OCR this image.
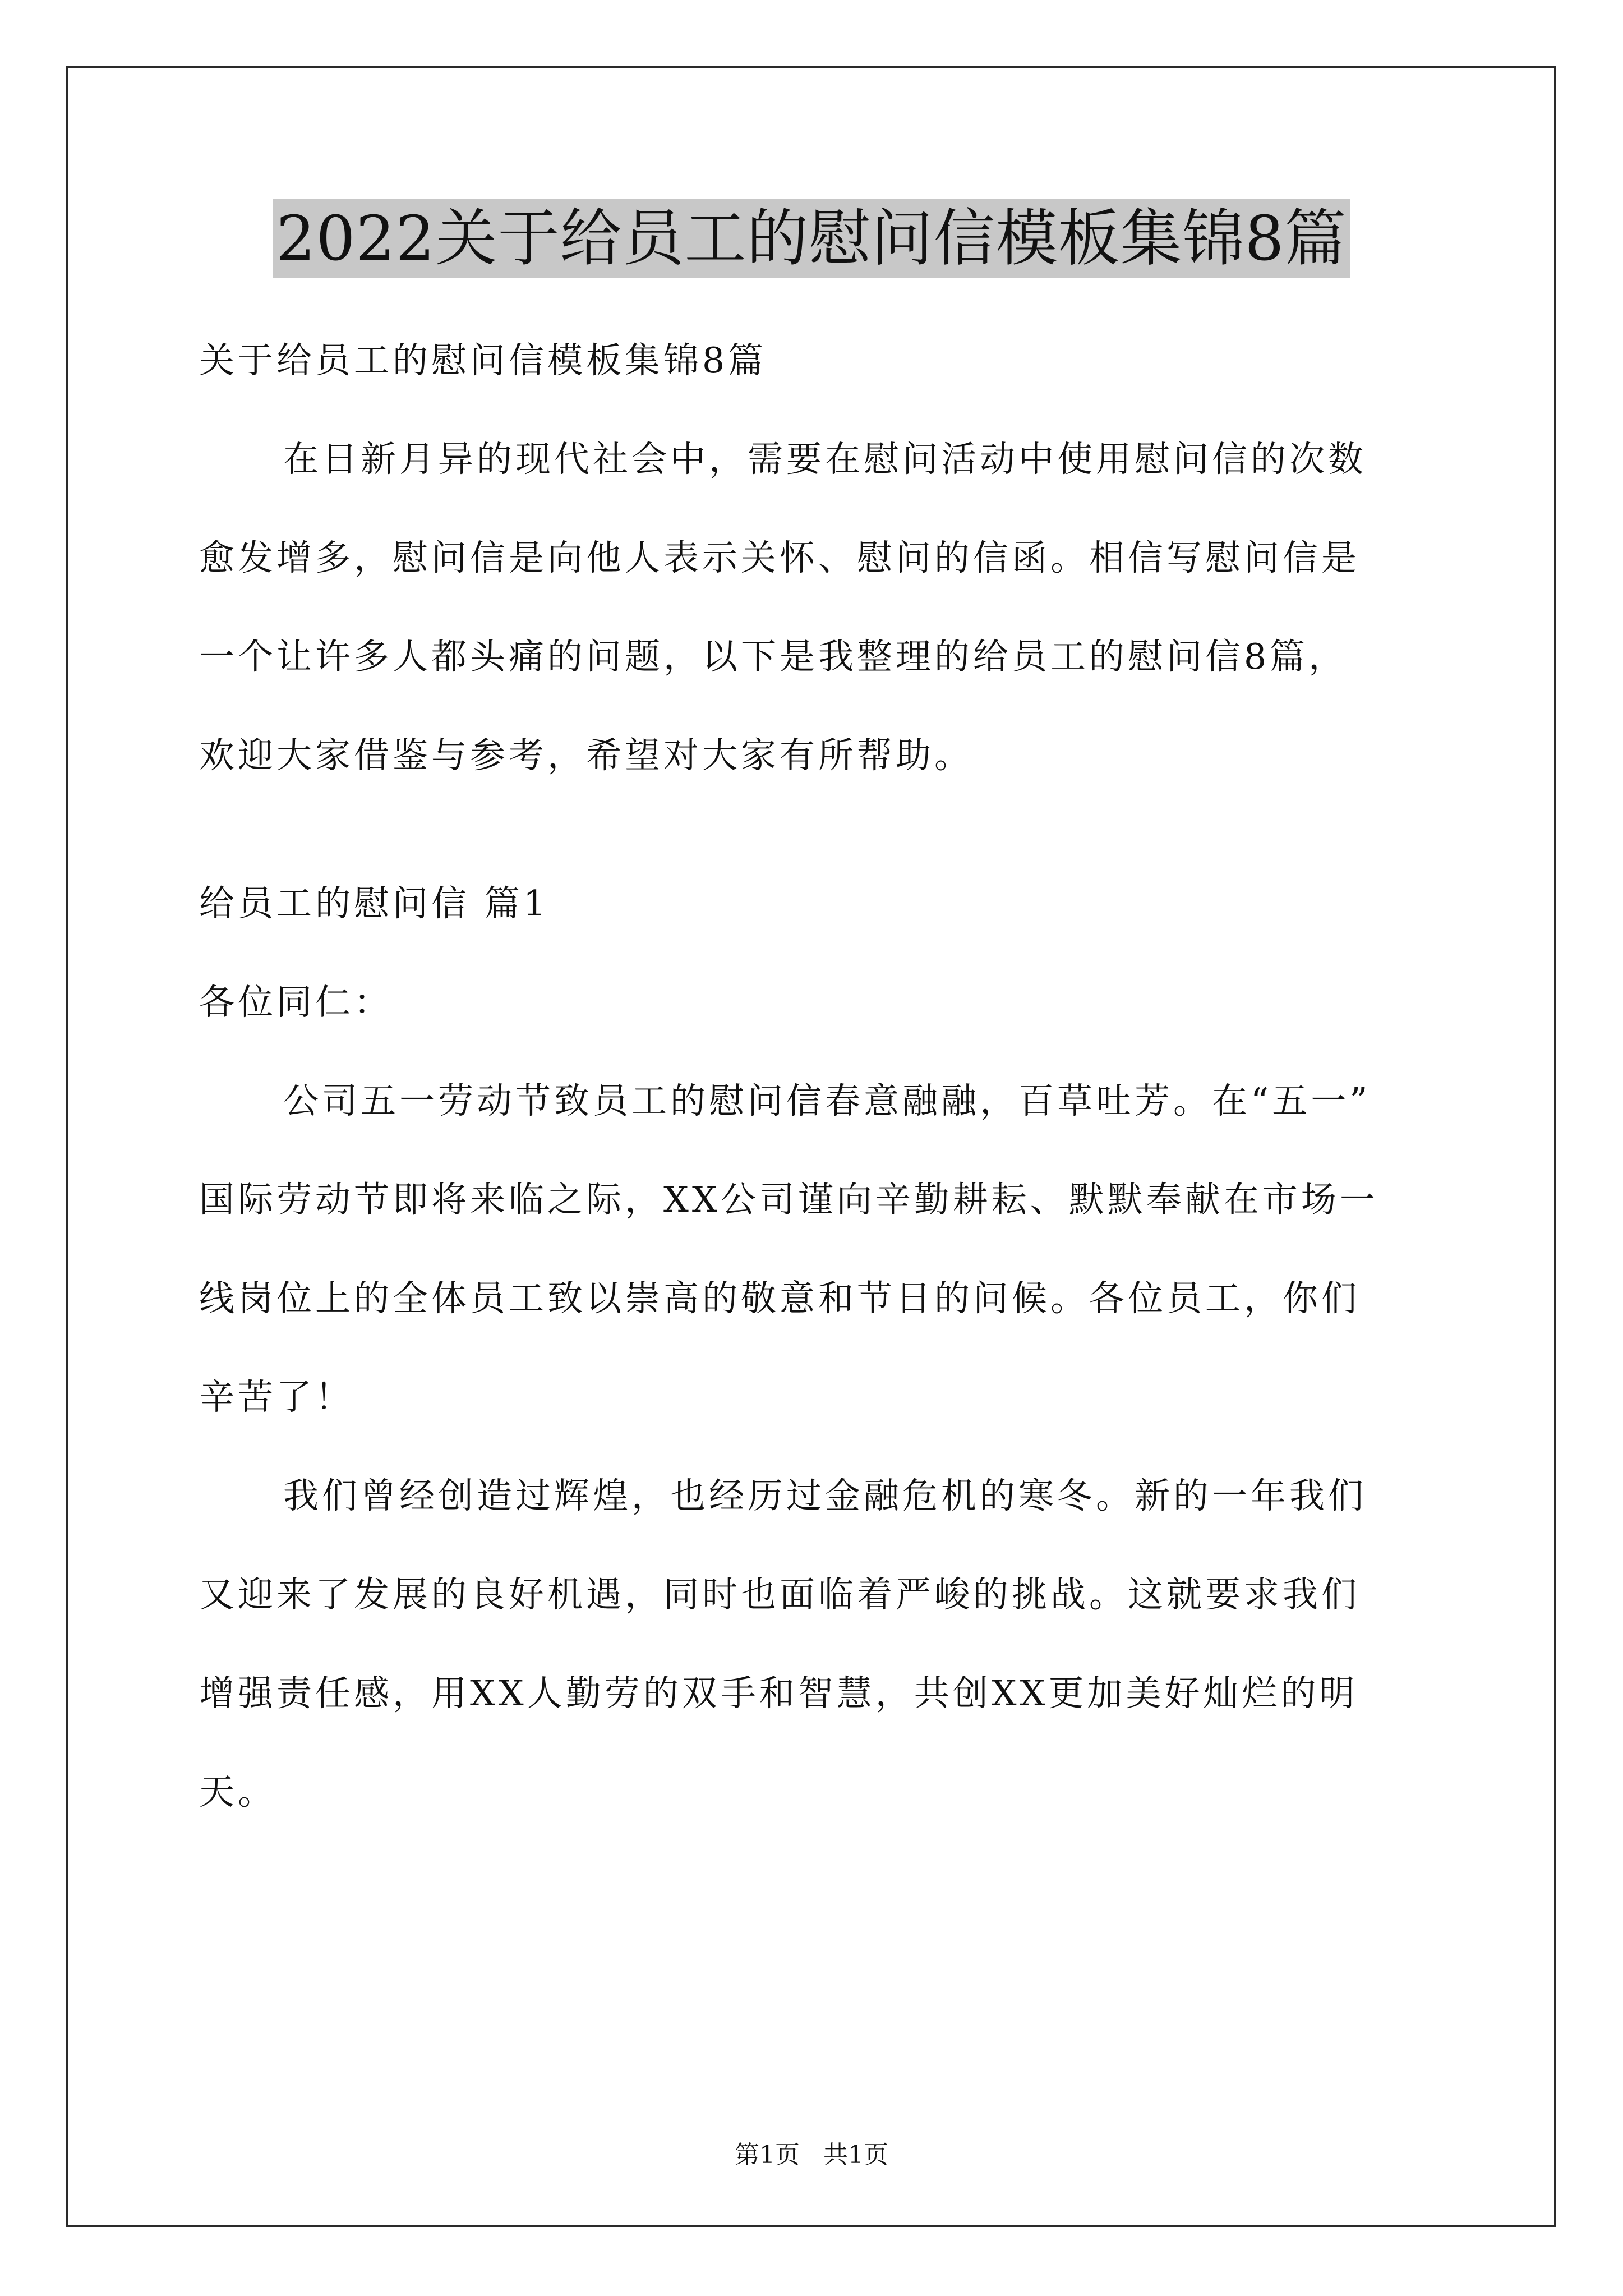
2022关于给员工的慰问信模板集锦8篇
关于给员工的慰问信模板集锦8篇
在日新月异的现代社会中，需要在慰问活动中使用慰问信的次数
愈发增多，慰问信是向他人表示关怀、慰问的信函。相信写慰问信是
一个让许多人都头痛的问题，以下是我整理的给员工的慰问信8篇，
欢迎大家借鉴与参考，希望对大家有所帮助。
给员工的慰问信 篇1
各位同仁：
公司五一劳动节致员工的慰问信春意融融，百草吐芳。在“五一”
国际劳动节即将来临之际，XX公司谨向辛勤耕耘、默默奉献在市场一
线岗位上的全体员工致以崇高的敬意和节日的问候。各位员工，你们
辛苦了！
我们曾经创造过辉煌，也经历过金融危机的寒冬。新的一年我们
又迎来了发展的良好机遇，同时也面临着严峻的挑战。这就要求我们
增强责任感，用XX人勤劳的双手和智慧，共创XX更加美好灿烂的明
天。
第1页   共1页
